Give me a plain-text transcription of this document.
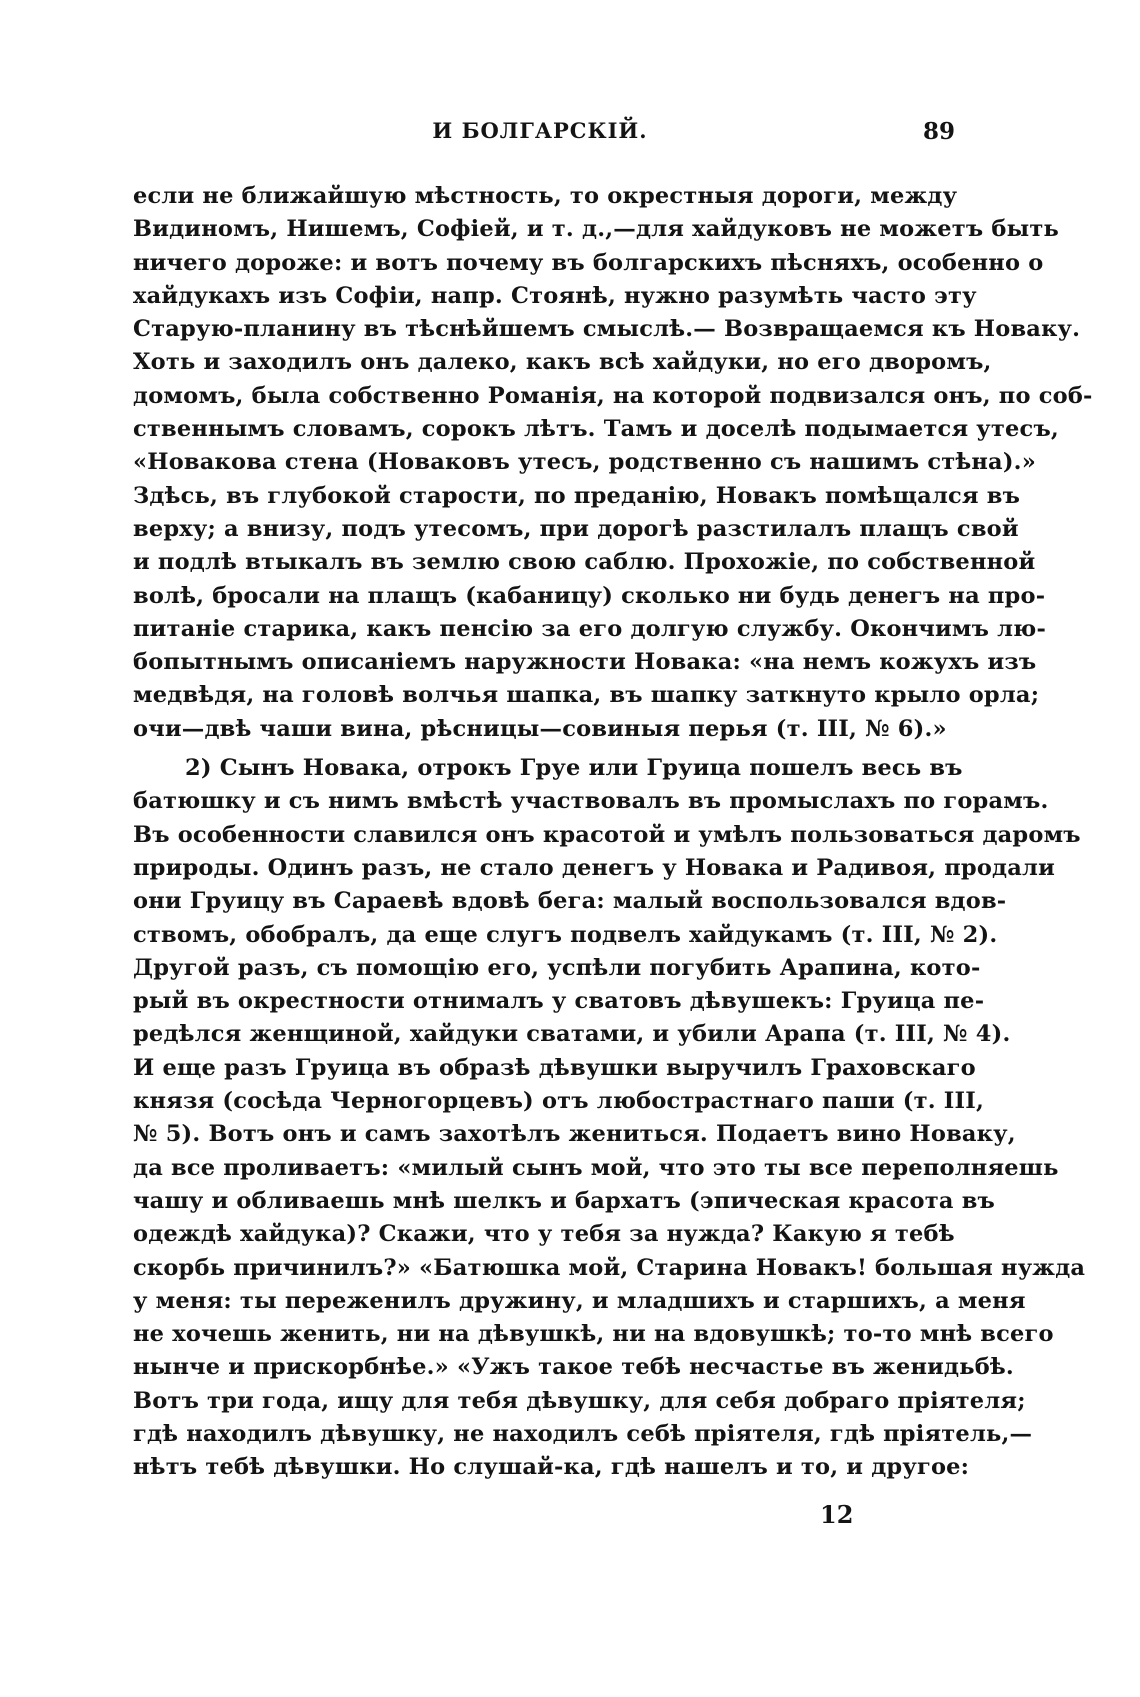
И БОЛГАРСКІЙ.	89
если не ближайшую мѣстность, то окрестныя дороги, между
Видиномъ, Нишемъ, Софіей, и т. д.,—для хайдуковъ не можетъ быть
ничего дороже: и вотъ почему въ болгарскихъ пѣсняхъ, особенно о
хайдукахъ изъ Софіи, напр. Стоянѣ, нужно разумѣть часто эту
Старую-планину въ тѣснѣйшемъ смыслѣ.— Возвращаемся къ Новаку.
Хоть и заходилъ онъ далеко, какъ всѣ хайдуки, но его дворомъ,
домомъ, была собственно Романія, на которой подвизался онъ, по соб-
ственнымъ словамъ, сорокъ лѣтъ. Тамъ и доселѣ подымается утесъ,
«Новакова стена (Новаковъ утесъ, родственно съ нашимъ стѣна).»
Здѣсь, въ глубокой старости, по преданію, Новакъ помѣщался въ
верху; а внизу, подъ утесомъ, при дорогѣ разстилалъ плащъ свой
и подлѣ втыкалъ въ землю свою саблю. Прохожіе, по собственной
волѣ, бросали на плащъ (кабаницу) сколько ни будь денегъ на про-
питаніе старика, какъ пенсію за его долгую службу. Окончимъ лю-
бопытнымъ описаніемъ наружности Новака: «на немъ кожухъ изъ
медвѣдя, на головѣ волчья шапка, въ шапку заткнуто крыло орла;
очи—двѣ чаши вина, рѣсницы—совиныя перья (т. III, № 6).»
2) Сынъ Новака, отрокъ Груе или Груица пошелъ весь въ
батюшку и съ нимъ вмѣстѣ участвовалъ въ промыслахъ по горамъ.
Въ особенности славился онъ красотой и умѣлъ пользоваться даромъ
природы. Одинъ разъ, не стало денегъ у Новака и Радивоя, продали
они Груицу въ Сараевѣ вдовѣ бега: малый воспользовался вдов-
ствомъ, обобралъ, да еще слугъ подвелъ хайдукамъ (т. III, № 2).
Другой разъ, съ помощію его, успѣли погубить Арапина, кото-
рый въ окрестности отнималъ у сватовъ дѣвушекъ: Груица пе-
редѣлся женщиной, хайдуки сватами, и убили Арапа (т. III, № 4).
И еще разъ Груица въ образѣ дѣвушки выручилъ Граховскаго
князя (сосѣда Черногорцевъ) отъ любострастнаго паши (т. III,
№ 5). Вотъ онъ и самъ захотѣлъ жениться. Подаетъ вино Новаку,
да все проливаетъ: «милый сынъ мой, что это ты все переполняешь
чашу и обливаешь мнѣ шелкъ и бархатъ (эпическая красота въ
одеждѣ хайдука)? Скажи, что у тебя за нужда? Какую я тебѣ
скорбь причинилъ?» «Батюшка мой, Старина Новакъ! большая нужда
у меня: ты переженилъ дружину, и младшихъ и старшихъ, а меня
не хочешь женить, ни на дѣвушкѣ, ни на вдовушкѣ; то-то мнѣ всего
нынче и прискорбнѣе.» «Ужъ такое тебѣ несчастье въ женидьбѣ.
Вотъ три года, ищу для тебя дѣвушку, для себя добраго пріятеля;
гдѣ находилъ дѣвушку, не находилъ себѣ пріятеля, гдѣ пріятель,—
нѣтъ тебѣ дѣвушки. Но слушай-ка, гдѣ нашелъ и то, и другое:
12
